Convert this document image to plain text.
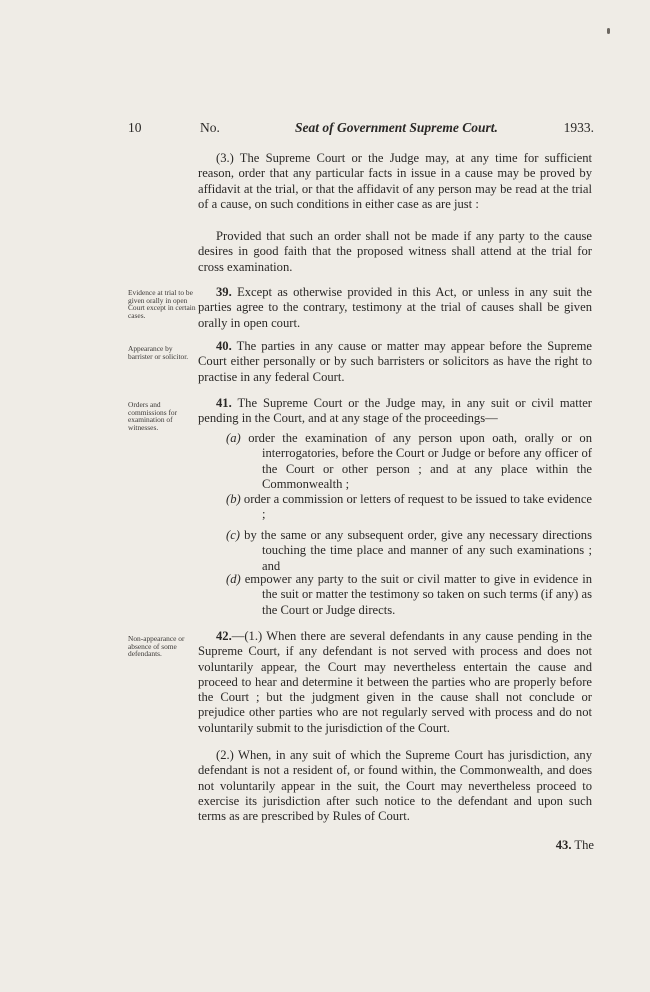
10	No.	Seat of Government Supreme Court.	1933.

(3.) The Supreme Court or the Judge may, at any time for sufficient reason, order that any particular facts in issue in a cause may be proved by affidavit at the trial, or that the affidavit of any person may be read at the trial of a cause, on such conditions in either case as are just :

Provided that such an order shall not be made if any party to the cause desires in good faith that the proposed witness shall attend at the trial for cross examination.

Evidence at trial to be given orally in open Court except in certain cases.

39. Except as otherwise provided in this Act, or unless in any suit the parties agree to the contrary, testimony at the trial of causes shall be given orally in open court.

Appearance by barrister or solicitor.

40. The parties in any cause or matter may appear before the Supreme Court either personally or by such barristers or solicitors as have the right to practise in any federal Court.

Orders and commissions for examination of witnesses.

41. The Supreme Court or the Judge may, in any suit or civil matter pending in the Court, and at any stage of the proceedings—

(a) order the examination of any person upon oath, orally or on interrogatories, before the Court or Judge or before any officer of the Court or other person ; and at any place within the Commonwealth ;
(b) order a commission or letters of request to be issued to take evidence ;
(c) by the same or any subsequent order, give any necessary directions touching the time place and manner of any such examinations ; and
(d) empower any party to the suit or civil matter to give in evidence in the suit or matter the testimony so taken on such terms (if any) as the Court or Judge directs.
Non-appearance or absence of some defendants.

42.—(1.) When there are several defendants in any cause pending in the Supreme Court, if any defendant is not served with process and does not voluntarily appear, the Court may nevertheless entertain the cause and proceed to hear and determine it between the parties who are properly before the Court ; but the judgment given in the cause shall not conclude or prejudice other parties who are not regularly served with process and do not voluntarily submit to the jurisdiction of the Court.

(2.) When, in any suit of which the Supreme Court has jurisdiction, any defendant is not a resident of, or found within, the Commonwealth, and does not voluntarily appear in the suit, the Court may nevertheless proceed to exercise its jurisdiction after such notice to the defendant and upon such terms as are prescribed by Rules of Court.

43. The
